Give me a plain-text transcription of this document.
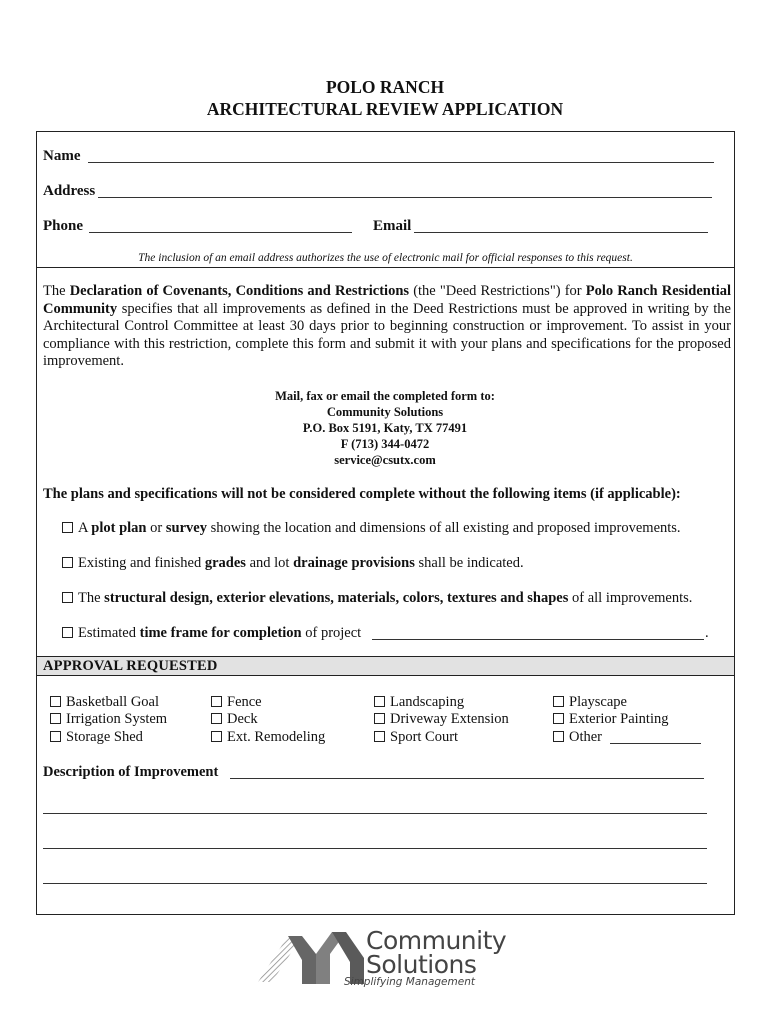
POLO RANCH
ARCHITECTURAL REVIEW APPLICATION
Name
Address
Phone	Email
The inclusion of an email address authorizes the use of electronic mail for official responses to this request.
The Declaration of Covenants, Conditions and Restrictions (the "Deed Restrictions") for Polo Ranch Residential Community specifies that all improvements as defined in the Deed Restrictions must be approved in writing by the Architectural Control Committee at least 30 days prior to beginning construction or improvement. To assist in your compliance with this restriction, complete this form and submit it with your plans and specifications for the proposed improvement.
Mail, fax or email the completed form to:
Community Solutions
P.O. Box 5191, Katy, TX 77491
F (713) 344-0472
service@csutx.com
The plans and specifications will not be considered complete without the following items (if applicable):
A plot plan or survey showing the location and dimensions of all existing and proposed improvements.
Existing and finished grades and lot drainage provisions shall be indicated.
The structural design, exterior elevations, materials, colors, textures and shapes of all improvements.
Estimated time frame for completion of project	.
APPROVAL REQUESTED
Basketball Goal
Irrigation System
Storage Shed
Fence
Deck
Ext. Remodeling
Landscaping
Driveway Extension
Sport Court
Playscape
Exterior Painting
Other
Description of Improvement
Community
Solutions
Simplifying Management
